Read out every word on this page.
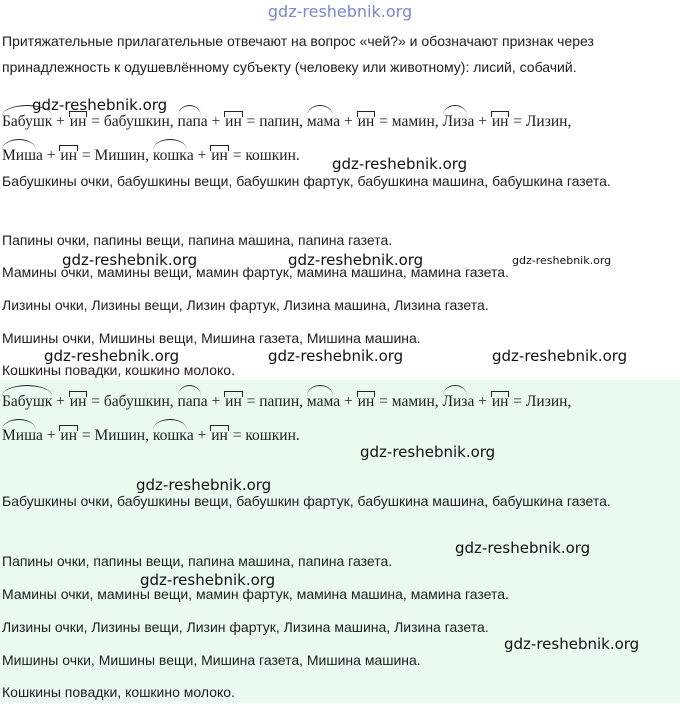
gdz-reshebnik.org

Притяжательные прилагательные отвечают на вопрос «чей?» и обозначают признак через принадлежность к одушевлённому субъекту (человеку или животному): лисий, собачий.

Бабушк + ин = бабушкин, папа + ин = папин, мама + ин = мамин, Лиза + ин = Лизин,
Миша + ин = Мишин, кошка + ин = кошкин.

Бабушкины очки, бабушкины вещи, бабушкин фартук, бабушкина машина, бабушкина газета.

Папины очки, папины вещи, папина машина, папина газета.

Мамины очки, мамины вещи, мамин фартук, мамина машина, мамина газета.

Лизины очки, Лизины вещи, Лизин фартук, Лизина машина, Лизина газета.

Мишины очки, Мишины вещи, Мишина газета, Мишина машина.

Кошкины повадки, кошкино молоко.

Бабушк + ин = бабушкин, папа + ин = папин, мама + ин = мамин, Лиза + ин = Лизин,
Миша + ин = Мишин, кошка + ин = кошкин.

Бабушкины очки, бабушкины вещи, бабушкин фартук, бабушкина машина, бабушкина газета.

Папины очки, папины вещи, папина машина, папина газета.

Мамины очки, мамины вещи, мамин фартук, мамина машина, мамина газета.

Лизины очки, Лизины вещи, Лизин фартук, Лизина машина, Лизина газета.

Мишины очки, Мишины вещи, Мишина газета, Мишина машина.

Кошкины повадки, кошкино молоко.

gdz-reshebnik.org
gdz-reshebnik.org
gdz-reshebnik.org	gdz-reshebnik.org	gdz-reshebnik.org
gdz-reshebnik.org	gdz-reshebnik.org	gdz-reshebnik.org
gdz-reshebnik.org
gdz-reshebnik.org
gdz-reshebnik.org
gdz-reshebnik.org
gdz-reshebnik.org
